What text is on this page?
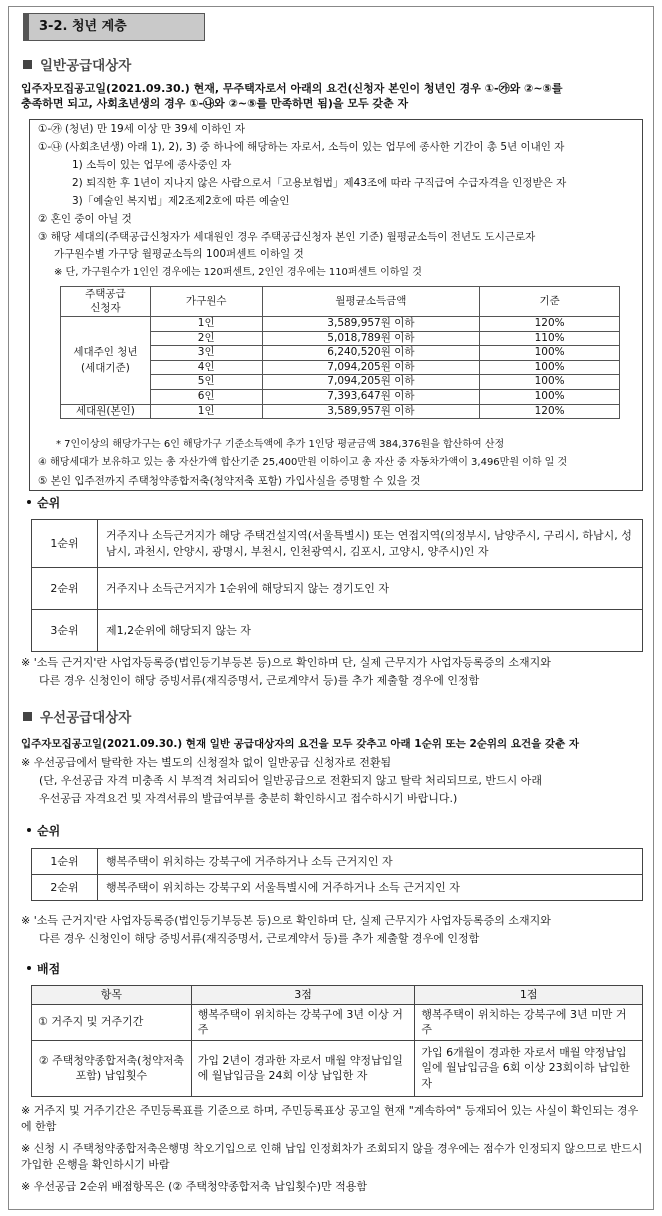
3-2. 청년 계층
일반공급대상자
입주자모집공고일(2021.09.30.) 현재, 무주택자로서 아래의 요건(신청자 본인이 청년인 경우 ①-㉮와 ②~⑤를
충족하면 되고, 사회초년생의 경우 ①-㉯와 ②~⑤를 만족하면 됨)을 모두 갖춘 자
①-㉮ (청년) 만 19세 이상 만 39세 이하인 자
①-㉯ (사회초년생) 아래 1), 2), 3) 중 하나에 해당하는 자로서, 소득이 있는 업무에 종사한 기간이 총 5년 이내인 자
1) 소득이 있는 업무에 종사중인 자
2) 퇴직한 후 1년이 지나지 않은 사람으로서「고용보험법」제43조에 따라 구직급여 수급자격을 인정받은 자
3)「예술인 복지법」제2조제2호에 따른 예술인
② 혼인 중이 아닐 것
③ 해당 세대의(주택공급신청자가 세대원인 경우 주택공급신청자 본인 기준) 월평균소득이 전년도 도시근로자
가구원수별 가구당 월평균소득의 100퍼센트 이하일 것
※ 단, 가구원수가 1인인 경우에는 120퍼센트, 2인인 경우에는 110퍼센트 이하일 것
주택공급
신청자	가구원수	월평균소득금액	기준
세대주인 청년
(세대기준)	1인	3,589,957원 이하	120%
	2인	5,018,789원 이하	110%
	3인	6,240,520원 이하	100%
	4인	7,094,205원 이하	100%
	5인	7,094,205원 이하	100%
	6인	7,393,647원 이하	100%
세대원(본인)	1인	3,589,957원 이하	120%
* 7인이상의 해당가구는 6인 해당가구 기준소득액에 추가 1인당 평균금액 384,376원을 합산하여 산정
④ 해당세대가 보유하고 있는 총 자산가액 합산기준 25,400만원 이하이고 총 자산 중 자동차가액이 3,496만원 이하 일 것
⑤ 본인 입주전까지 주택청약종합저축(청약저축 포함) 가입사실을 증명할 수 있을 것
순위
1순위	거주지나 소득근거지가 해당 주택건설지역(서울특별시) 또는 연접지역(의정부시, 남양주시, 구리시, 하남시, 성남시, 과천시, 안양시, 광명시, 부천시, 인천광역시, 김포시, 고양시, 양주시)인 자
2순위	거주지나 소득근거지가 1순위에 해당되지 않는 경기도인 자
3순위	제1,2순위에 해당되지 않는 자
※ '소득 근거지'란 사업자등록증(법인등기부등본 등)으로 확인하며 단, 실제 근무지가 사업자등록증의 소재지와
다른 경우 신청인이 해당 증빙서류(재직증명서, 근로계약서 등)를 추가 제출할 경우에 인정함
우선공급대상자
입주자모집공고일(2021.09.30.) 현재 일반 공급대상자의 요건을 모두 갖추고 아래 1순위 또는 2순위의 요건을 갖춘 자
※ 우선공급에서 탈락한 자는 별도의 신청절차 없이 일반공급 신청자로 전환됨
(단, 우선공급 자격 미충족 시 부적격 처리되어 일반공급으로 전환되지 않고 탈락 처리되므로, 반드시 아래
우선공급 자격요건 및 자격서류의 발급여부를 충분히 확인하시고 접수하시기 바랍니다.)
순위
1순위	행복주택이 위치하는 강북구에 거주하거나 소득 근거지인 자
2순위	행복주택이 위치하는 강북구외 서울특별시에 거주하거나 소득 근거지인 자
※ '소득 근거지'란 사업자등록증(법인등기부등본 등)으로 확인하며 단, 실제 근무지가 사업자등록증의 소재지와
다른 경우 신청인이 해당 증빙서류(재직증명서, 근로계약서 등)를 추가 제출할 경우에 인정함
배점
항목	3점	1점
① 거주지 및 거주기간	행복주택이 위치하는 강북구에 3년 이상 거주	행복주택이 위치하는 강북구에 3년 미만 거주
② 주택청약종합저축(청약저축 포함) 납입횟수	가입 2년이 경과한 자로서 매월 약정납입일에 월납입금을 24회 이상 납입한 자	가입 6개월이 경과한 자로서 매월 약정납입일에 월납입금을 6회 이상 23회이하 납입한 자
※ 거주지 및 거주기간은 주민등록표를 기준으로 하며, 주민등록표상 공고일 현재 "계속하여" 등재되어 있는 사실이 확인되는 경우에 한함
※ 신청 시 주택청약종합저축은행명 착오기입으로 인해 납입 인정회차가 조회되지 않을 경우에는 점수가 인정되지 않으므로 반드시 가입한 은행을 확인하시기 바람
※ 우선공급 2순위 배점항목은 (② 주택청약종합저축 납입횟수)만 적용함
